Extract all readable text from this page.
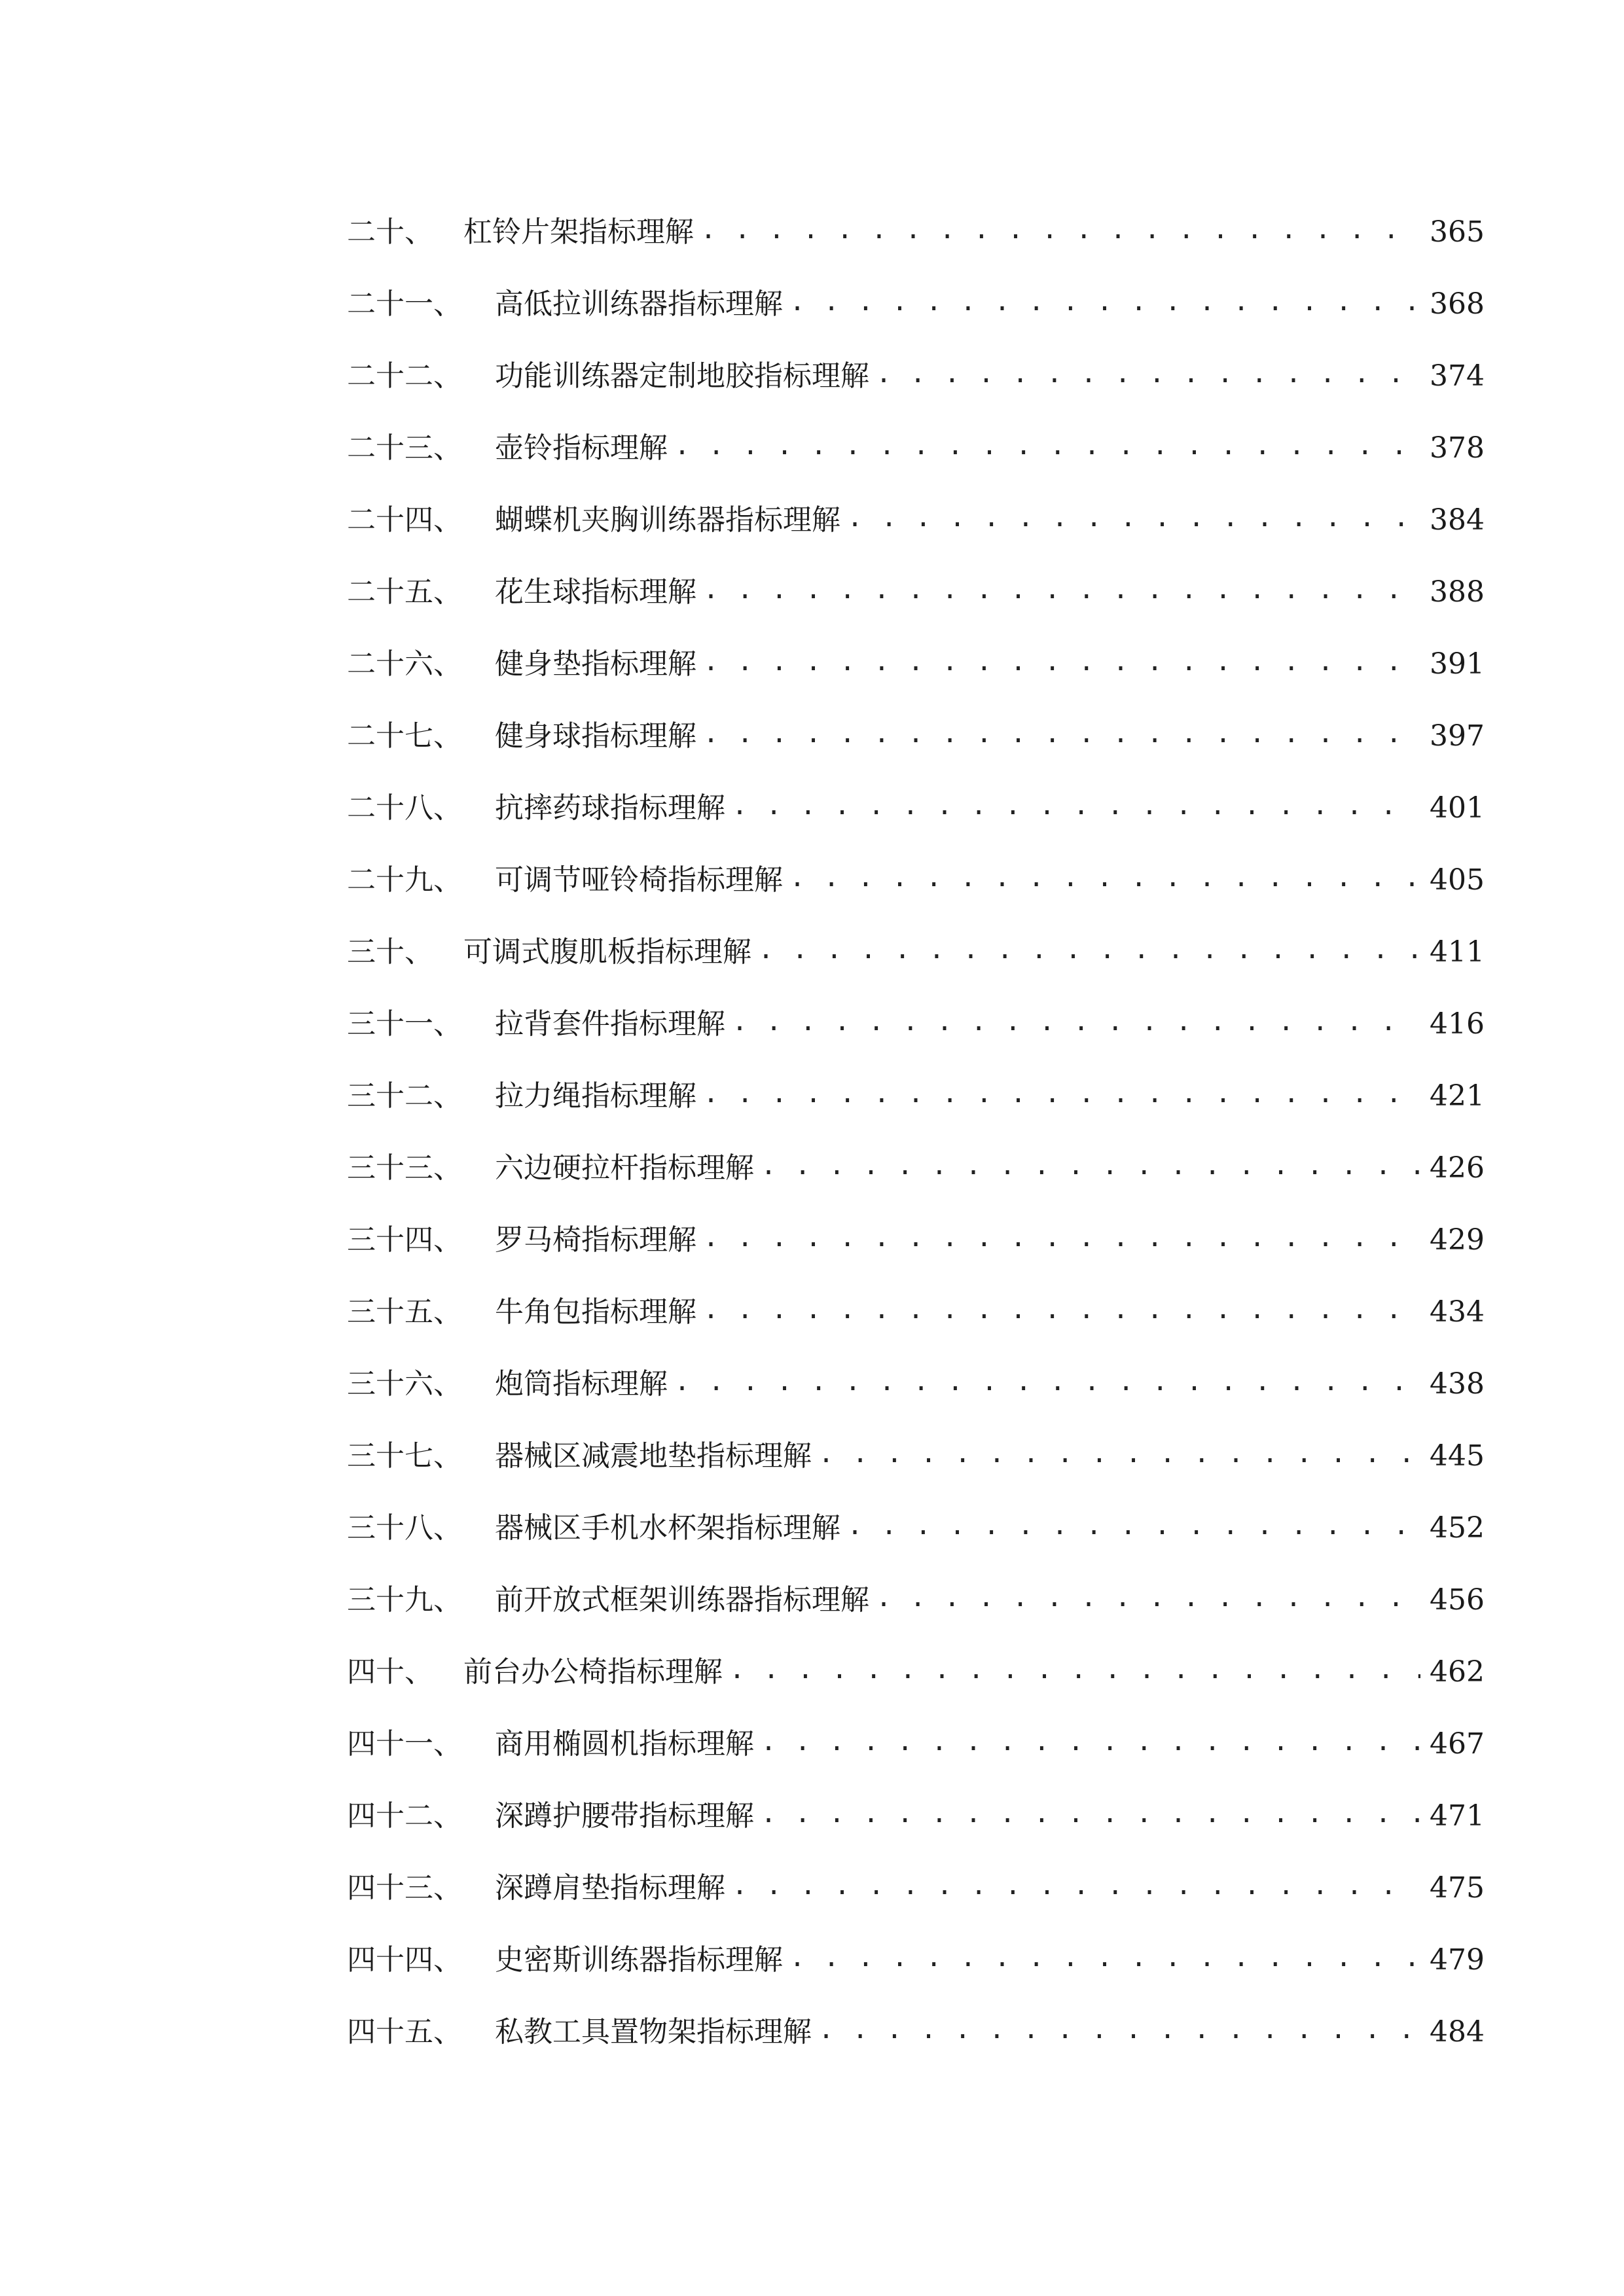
二十、	杠铃片架指标理解 . . .	365
二十一、	高低拉训练器指标理解 . . .	368
二十二、	功能训练器定制地胶指标理解 . . .	374
二十三、	壶铃指标理解 . . .	378
二十四、	蝴蝶机夹胸训练器指标理解 . . .	384
二十五、	花生球指标理解 . . .	388
二十六、	健身垫指标理解 . . .	391
二十七、	健身球指标理解 . . .	397
二十八、	抗摔药球指标理解 . . .	401
二十九、	可调节哑铃椅指标理解 . . .	405
三十、	可调式腹肌板指标理解 . . .	411
三十一、	拉背套件指标理解 . . .	416
三十二、	拉力绳指标理解 . . .	421
三十三、	六边硬拉杆指标理解 . . .	426
三十四、	罗马椅指标理解 . . .	429
三十五、	牛角包指标理解 . . .	434
三十六、	炮筒指标理解 . . .	438
三十七、	器械区减震地垫指标理解 . . .	445
三十八、	器械区手机水杯架指标理解 . . .	452
三十九、	前开放式框架训练器指标理解 . . .	456
四十、	前台办公椅指标理解 . . .	462
四十一、	商用椭圆机指标理解 . . .	467
四十二、	深蹲护腰带指标理解 . . .	471
四十三、	深蹲肩垫指标理解 . . .	475
四十四、	史密斯训练器指标理解 . . .	479
四十五、	私教工具置物架指标理解 . . .	484
